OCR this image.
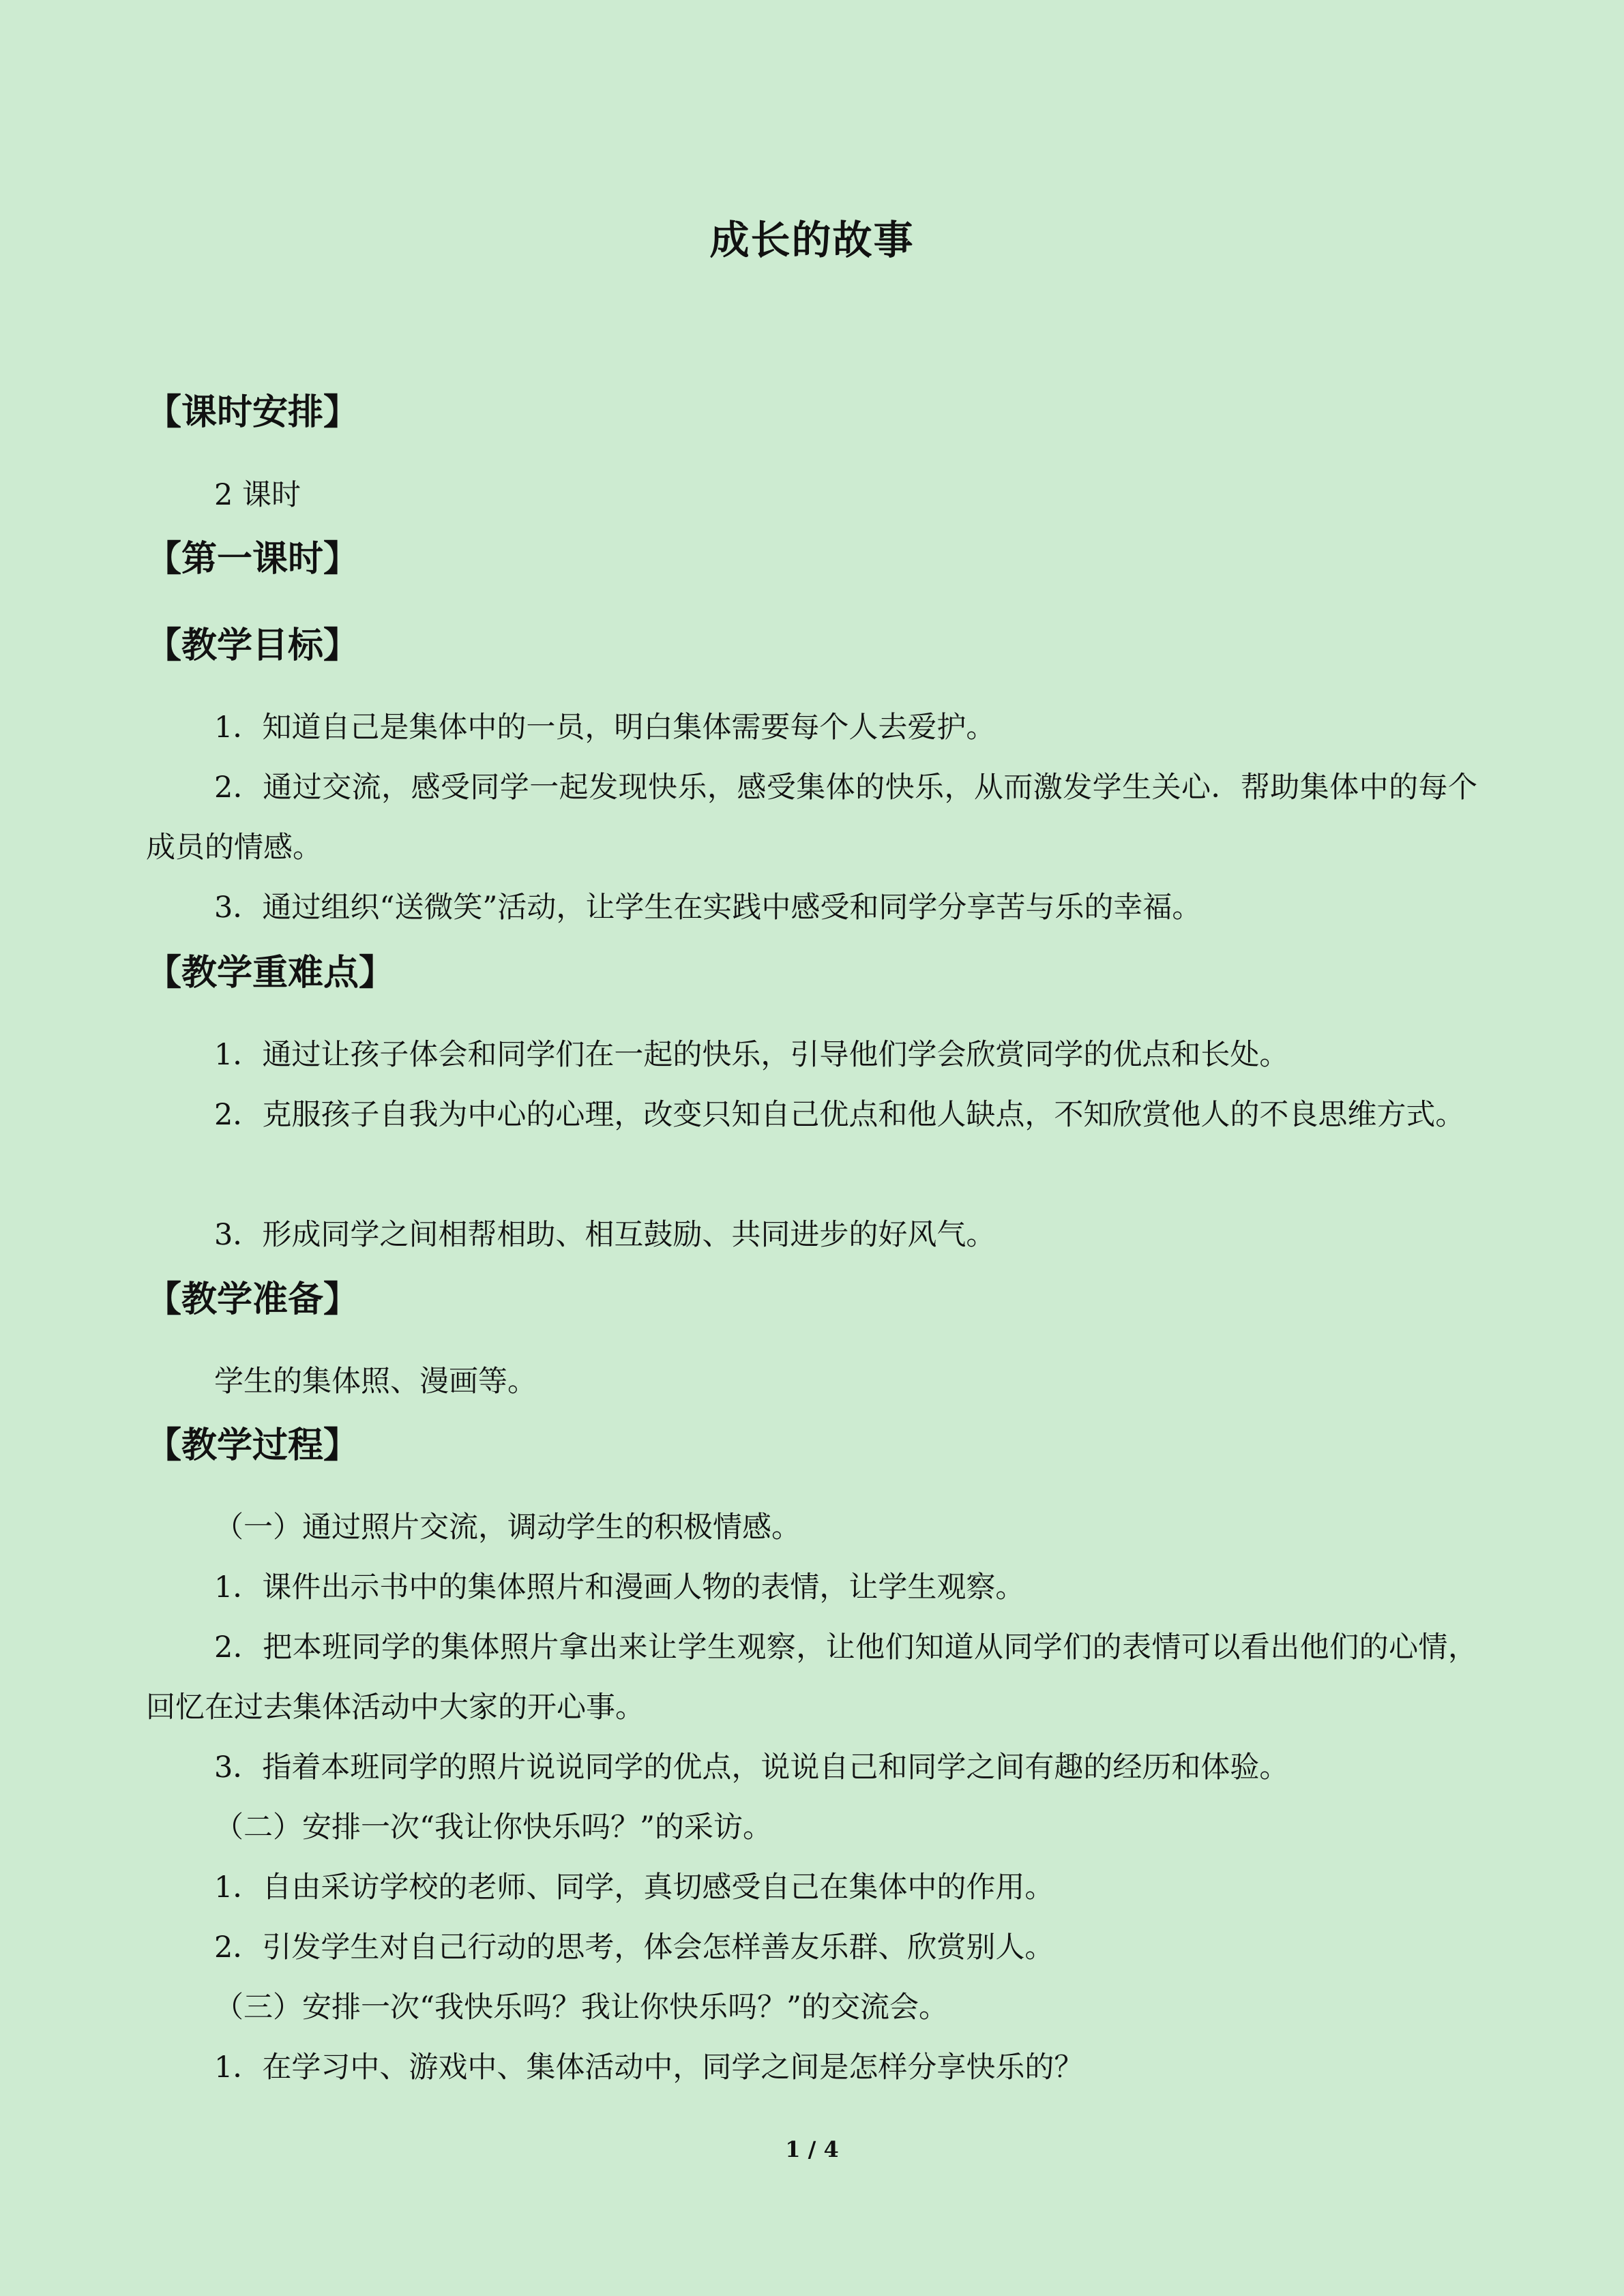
成长的故事
【课时安排】
2 课时
【第一课时】
【教学目标】
1．知道自己是集体中的一员，明白集体需要每个人去爱护。
2．通过交流，感受同学一起发现快乐，感受集体的快乐，从而激发学生关心．帮助集体中的每个成员的情感。
3．通过组织“送微笑”活动，让学生在实践中感受和同学分享苦与乐的幸福。
【教学重难点】
1．通过让孩子体会和同学们在一起的快乐，引导他们学会欣赏同学的优点和长处。
2．克服孩子自我为中心的心理，改变只知自己优点和他人缺点，不知欣赏他人的不良思维方式。
3．形成同学之间相帮相助、相互鼓励、共同进步的好风气。
【教学准备】
学生的集体照、漫画等。
【教学过程】
（一）通过照片交流，调动学生的积极情感。
1．课件出示书中的集体照片和漫画人物的表情，让学生观察。
2．把本班同学的集体照片拿出来让学生观察，让他们知道从同学们的表情可以看出他们的心情，回忆在过去集体活动中大家的开心事。
3．指着本班同学的照片说说同学的优点，说说自己和同学之间有趣的经历和体验。
（二）安排一次“我让你快乐吗？”的采访。
1．自由采访学校的老师、同学，真切感受自己在集体中的作用。
2．引发学生对自己行动的思考，体会怎样善友乐群、欣赏别人。
（三）安排一次“我快乐吗？我让你快乐吗？”的交流会。
1．在学习中、游戏中、集体活动中，同学之间是怎样分享快乐的？
1 / 4
